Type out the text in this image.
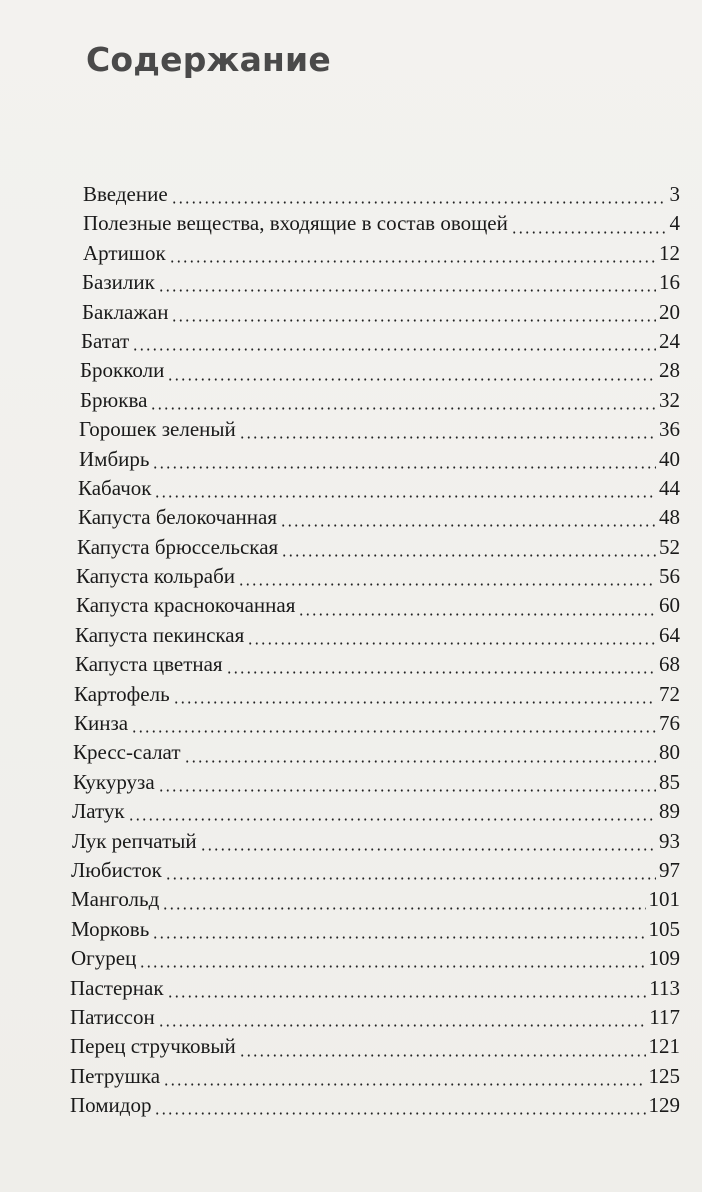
Содержание
Введение	3
Полезные вещества, входящие в состав овощей	4
Артишок	12
Базилик	16
Баклажан	20
Батат	24
Брокколи	28
Брюква	32
Горошек зеленый	36
Имбирь	40
Кабачок	44
Капуста белокочанная	48
Капуста брюссельская	52
Капуста кольраби	56
Капуста краснокочанная	60
Капуста пекинская	64
Капуста цветная	68
Картофель	72
Кинза	76
Кресс-салат	80
Кукуруза	85
Латук	89
Лук репчатый	93
Любисток	97
Мангольд	101
Морковь	105
Огурец	109
Пастернак	113
Патиссон	117
Перец стручковый	121
Петрушка	125
Помидор	129
